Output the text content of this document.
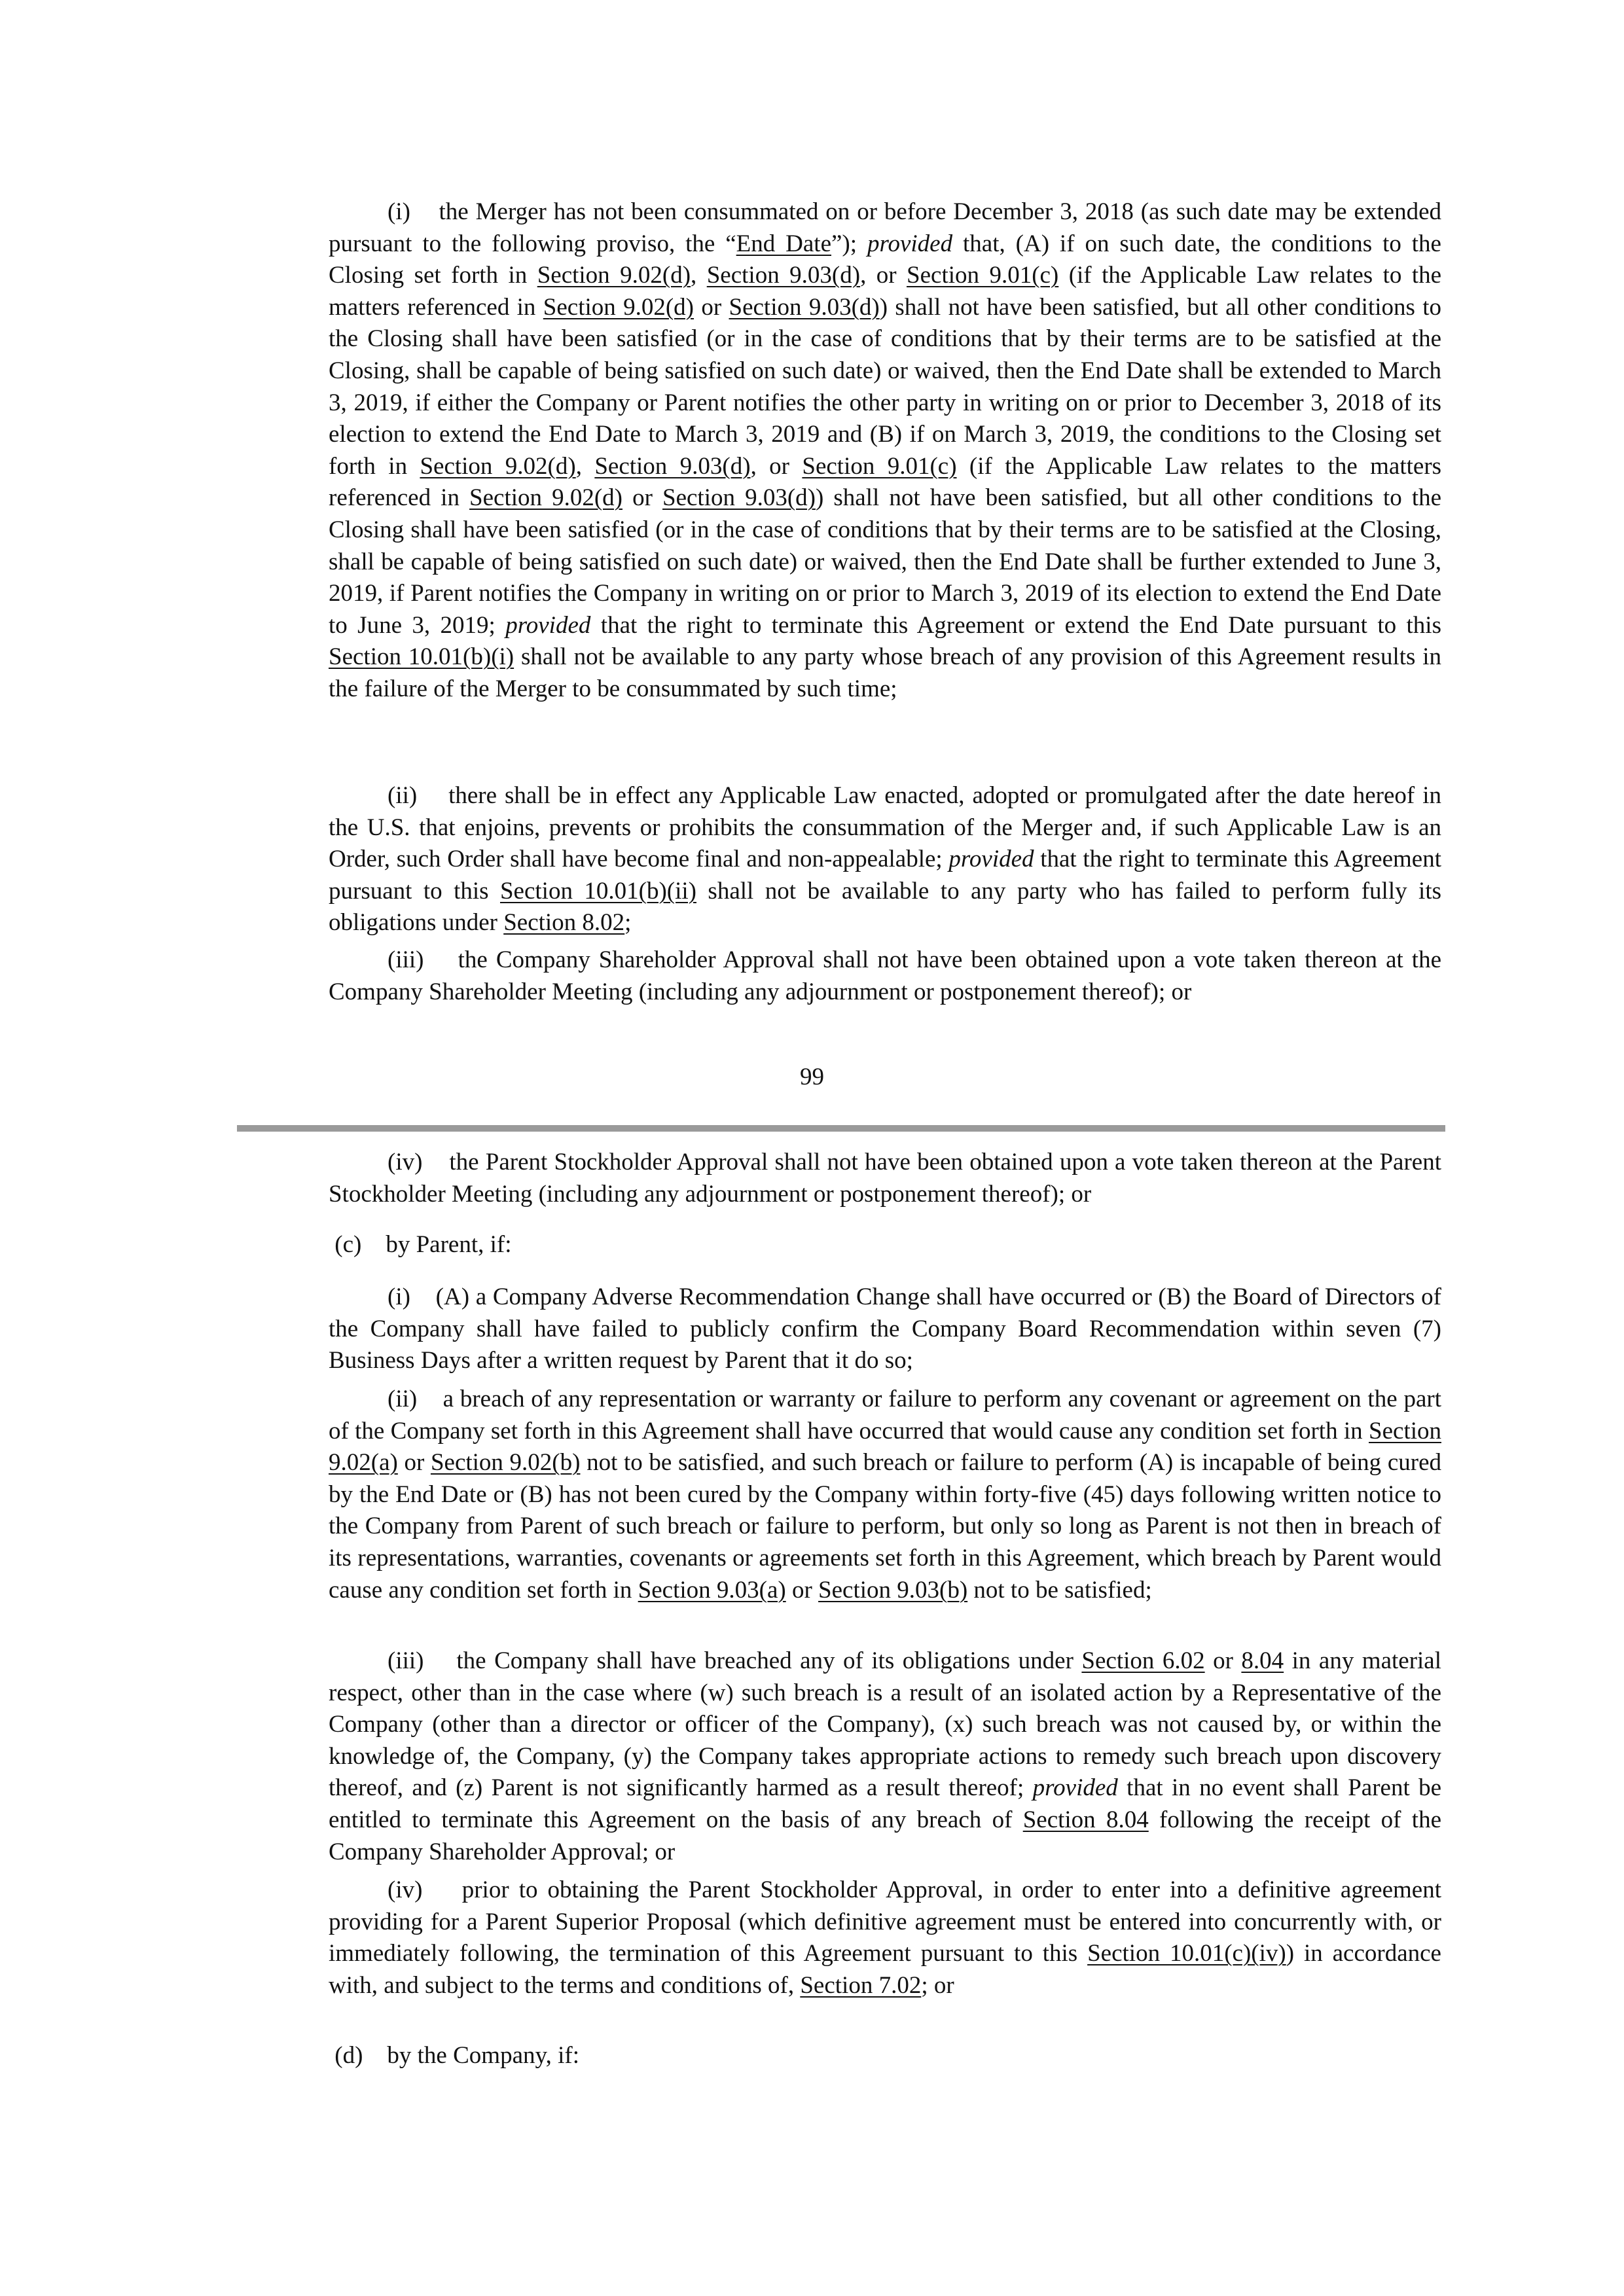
(i) the Merger has not been consummated on or before December 3, 2018 (as such date may be extended pursuant to the following proviso, the “End Date”); provided that, (A) if on such date, the conditions to the Closing set forth in Section 9.02(d), Section 9.03(d), or Section 9.01(c) (if the Applicable Law relates to the matters referenced in Section 9.02(d) or Section 9.03(d)) shall not have been satisfied, but all other conditions to the Closing shall have been satisfied (or in the case of conditions that by their terms are to be satisfied at the Closing, shall be capable of being satisfied on such date) or waived, then the End Date shall be extended to March 3, 2019, if either the Company or Parent notifies the other party in writing on or prior to December 3, 2018 of its election to extend the End Date to March 3, 2019 and (B) if on March 3, 2019, the conditions to the Closing set forth in Section 9.02(d), Section 9.03(d), or Section 9.01(c) (if the Applicable Law relates to the matters referenced in Section 9.02(d) or Section 9.03(d)) shall not have been satisfied, but all other conditions to the Closing shall have been satisfied (or in the case of conditions that by their terms are to be satisfied at the Closing, shall be capable of being satisfied on such date) or waived, then the End Date shall be further extended to June 3, 2019, if Parent notifies the Company in writing on or prior to March 3, 2019 of its election to extend the End Date to June 3, 2019; provided that the right to terminate this Agreement or extend the End Date pursuant to this Section 10.01(b)(i) shall not be available to any party whose breach of any provision of this Agreement results in the failure of the Merger to be consummated by such time;

(ii) there shall be in effect any Applicable Law enacted, adopted or promulgated after the date hereof in the U.S. that enjoins, prevents or prohibits the consummation of the Merger and, if such Applicable Law is an Order, such Order shall have become final and non-appealable; provided that the right to terminate this Agreement pursuant to this Section 10.01(b)(ii) shall not be available to any party who has failed to perform fully its obligations under Section 8.02;

(iii) the Company Shareholder Approval shall not have been obtained upon a vote taken thereon at the Company Shareholder Meeting (including any adjournment or postponement thereof); or

99

(iv) the Parent Stockholder Approval shall not have been obtained upon a vote taken thereon at the Parent Stockholder Meeting (including any adjournment or postponement thereof); or

(c) by Parent, if:

(i) (A) a Company Adverse Recommendation Change shall have occurred or (B) the Board of Directors of the Company shall have failed to publicly confirm the Company Board Recommendation within seven (7) Business Days after a written request by Parent that it do so;

(ii) a breach of any representation or warranty or failure to perform any covenant or agreement on the part of the Company set forth in this Agreement shall have occurred that would cause any condition set forth in Section 9.02(a) or Section 9.02(b) not to be satisfied, and such breach or failure to perform (A) is incapable of being cured by the End Date or (B) has not been cured by the Company within forty-five (45) days following written notice to the Company from Parent of such breach or failure to perform, but only so long as Parent is not then in breach of its representations, warranties, covenants or agreements set forth in this Agreement, which breach by Parent would cause any condition set forth in Section 9.03(a) or Section 9.03(b) not to be satisfied;

(iii) the Company shall have breached any of its obligations under Section 6.02 or 8.04 in any material respect, other than in the case where (w) such breach is a result of an isolated action by a Representative of the Company (other than a director or officer of the Company), (x) such breach was not caused by, or within the knowledge of, the Company, (y) the Company takes appropriate actions to remedy such breach upon discovery thereof, and (z) Parent is not significantly harmed as a result thereof; provided that in no event shall Parent be entitled to terminate this Agreement on the basis of any breach of Section 8.04 following the receipt of the Company Shareholder Approval; or

(iv) prior to obtaining the Parent Stockholder Approval, in order to enter into a definitive agreement providing for a Parent Superior Proposal (which definitive agreement must be entered into concurrently with, or immediately following, the termination of this Agreement pursuant to this Section 10.01(c)(iv)) in accordance with, and subject to the terms and conditions of, Section 7.02; or

(d) by the Company, if:
